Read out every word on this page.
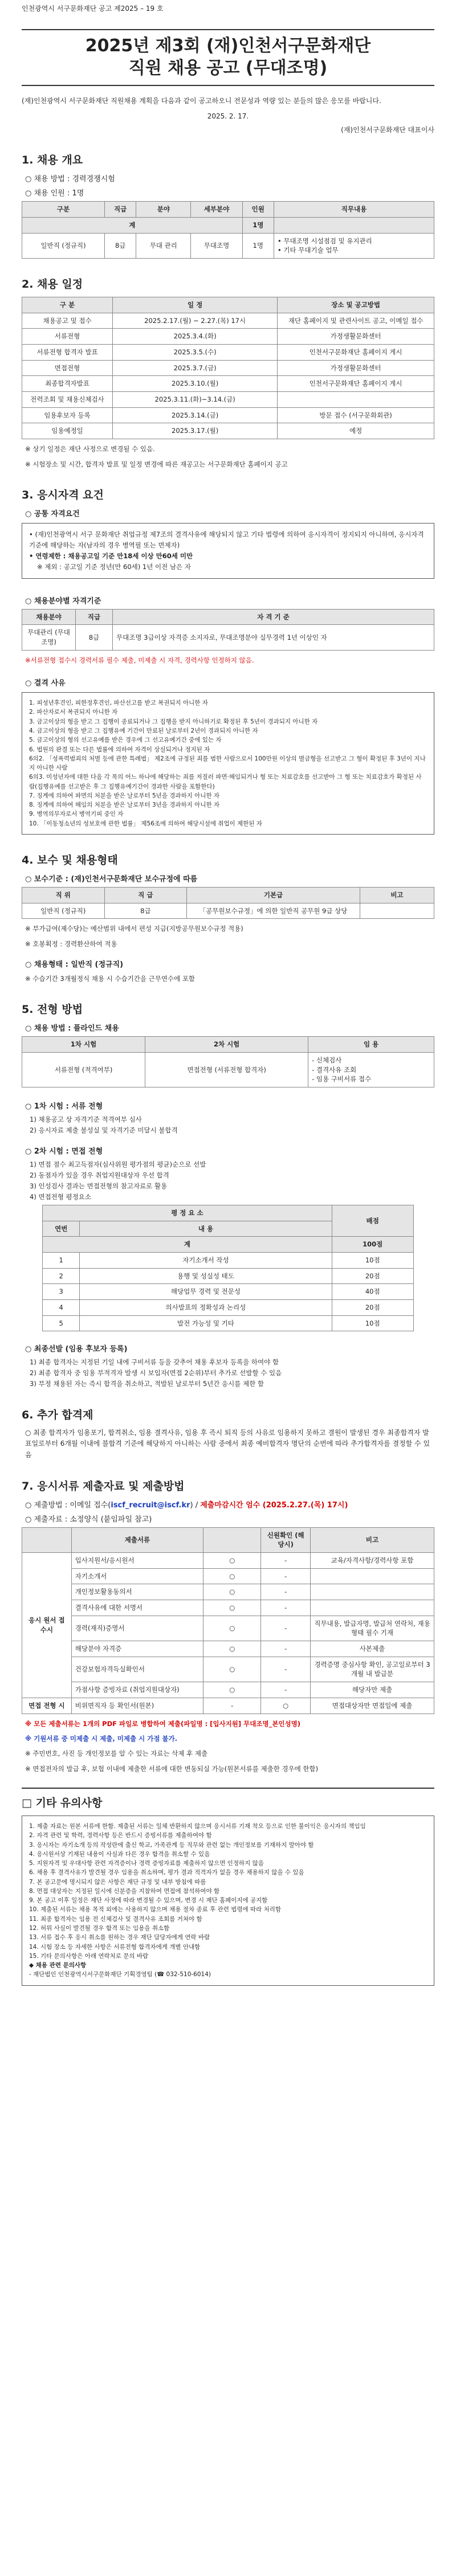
인천광역시 서구문화재단 공고 제2025 – 19 호
2025년 제3회 (재)인천서구문화재단
직원 채용 공고 (무대조명)
(재)인천광역시 서구문화재단 직원채용 계획을 다음과 같이 공고하오니 전문성과 역량 있는 분들의 많은 응모를 바랍니다.
2025. 2. 17.
(재)인천서구문화재단 대표이사
1. 채용 개요
○ 채용 방법 : 경력경쟁시험
○ 채용 인원 : 1명
구분	직급	분야	세부분야	인원	직무내용
계				1명	
일반직 (정규직)	8급	무대 관리	무대조명	1명	• 무대조명 시설점검 및 유지관리
• 기타 무대기술 업무
2. 채용 일정
구 분	일 정	장소 및 공고방법
채용공고 및 접수	2025.2.17.(월) ~ 2.27.(목) 17시	재단 홈페이지 및 관련사이트 공고, 이메일 접수
서류전형	2025.3.4.(화)	가정생활문화센터
서류전형 합격자 발표	2025.3.5.(수)	인천서구문화재단 홈페이지 게시
면접전형	2025.3.7.(금)	가정생활문화센터
최종합격자발표	2025.3.10.(월)	인천서구문화재단 홈페이지 게시
전력조회 및 채용신체검사	2025.3.11.(화)~3.14.(금)	
임용후보자 등록	2025.3.14.(금)	방문 접수 (서구문화회관)
임용예정일	2025.3.17.(월)	예정
※ 상기 일정은 재단 사정으로 변경될 수 있음.
※ 시험장소 및 시간, 합격자 발표 및 일정 변경에 따른 재공고는 서구문화재단 홈페이지 공고
3. 응시자격 요건
○ 공통 자격요건

• (재)인천광역시 서구 문화재단 취업규정 제7조의 결격사유에 해당되지 않고 기타 법령에 의하여 응시자격이 정지되지 아니하며, 응시자격 기준에 해당하는 자(남자의 경우 병역필 또는 면제자)

• 연령제한 : 채용공고일 기준 만18세 이상 만60세 미만

※ 제외 : 공고일 기준 정년(만 60세) 1년 이전 남은 자

○ 채용분야별 자격기준
채용분야	직급	자 격 기 준
무대관리 (무대 조명)	8급	무대조명 3급이상 자격증 소지자로, 무대조명분야 실무경력 1년 이상인 자
※서류전형 접수시 경력서류 필수 제출, 미제출 시 자격, 경력사항 인정하지 않음.
○ 결격 사유

1. 피성년후견인, 피한정후견인, 파산선고를 받고 복권되지 아니한 자

2. 파산자로서 복권되지 아니한 자

3. 금고이상의 형을 받고 그 집행이 종료되거나 그 집행을 받지 아니하기로 확정된 후 5년이 경과되지 아니한 자

4. 금고이상의 형을 받고 그 집행유예 기간이 만료된 날로부터 2년이 경과되지 아니한 자

5. 금고이상의 형의 선고유예를 받은 경우에 그 선고유예기간 중에 있는 자

6. 법원의 판결 또는 다른 법률에 의하여 자격이 상실되거나 정지된 자

6의2. 「성폭력범죄의 처벌 등에 관한 특례법」 제2조에 규정된 죄를 범한 사람으로서 100만원 이상의 벌금형을 선고받고 그 형이 확정된 후 3년이 지나지 아니한 사람

6의3. 미성년자에 대한 다음 각 목의 어느 하나에 해당하는 죄를 저질러 파면·해임되거나 형 또는 치료감호를 선고받아 그 형 또는 치료감호가 확정된 사람(집행유예를 선고받은 후 그 집행유예기간이 경과한 사람을 포함한다)

7. 징계에 의하여 파면의 처분을 받은 날로부터 5년을 경과하지 아니한 자

8. 징계에 의하여 해임의 처분을 받은 날로부터 3년을 경과하지 아니한 자

9. 병역의무자로서 병역기피 중인 자

10. 「이동청소년의 성보호에 관한 법률」 제56조에 의하여 해당시설에 취업이 제한된 자

4. 보수 및 채용형태
○ 보수기준 : (재)인천서구문화재단 보수규정에 따름
직 위	직 급	기본급	비고
일반직 (정규직)	8급	「공무원보수규정」에 의한 일반직 공무원 9급 상당	
※ 부가급여(제수당)는 예산범위 내에서 편성 지급(지방공무원보수규정 적용)
※ 호봉획정 : 경력환산하여 적용
○ 채용형태 : 일반직 (정규직)
※ 수습기간 3개월정식 채용 시 수습기간을 근무연수에 포함
5. 전형 방법
○ 채용 방법 : 플라인드 채용
1차 시험	2차 시험	임 용
서류전형 (적격여부)	면접전형 (서류전형 합격자)	- 신체검사
- 결격사유 조회
- 임용 구비서류 접수
○ 1차 시험 : 서류 전형
1) 채용공고 상 자격기준 적격여부 심사
2) 응시자료 제출 불성실 및 자격기준 미달시 불합격
○ 2차 시험 : 면접 전형
1) 면접 점수 최고득점자(심사위원 평가점의 평균)순으로 선발
2) 동점자가 있을 경우 취업지원대상자 우선 합격
3) 인성검사 결과는 면접전형의 참고자료로 활용
4) 면접전형 평정요소
평 정 요 소		배점
연번	내 용	
계		100점
1	자기소개서 작성	10점
2	용행 및 성실성 태도	20점
3	해당업무 경력 및 전문성	40점
4	의사발표의 정확성과 논리성	20점
5	발전 가능성 및 기타	10점
○ 최종선발 (임용 후보자 등록)
1) 최종 합격자는 지정된 기일 내에 구비서류 등을 갖추어 채용 후보자 등록을 하여야 함
2) 최종 합격자 중 임용 부적격자 발생 시 보입자(면접 2순위)부터 추가로 선발할 수 있음
3) 부정 채용된 자는 즉시 합격을 취소하고, 적발된 날로부터 5년간 응시를 제한 함
6. 추가 합격제
○ 최종 합격자가 임용포기, 합격취소, 임용 결격사유, 임용 후 즉시 퇴직 등의 사유로 임용하지 못하고 결원이 발생된 경우 최종합격자 발표일로부터 6개월 이내에 불합격 기준에 해당하지 아니하는 사람 중에서 최종 예비합격자 명단의 순번에 따라 추가합격자를 결정할 수 있음
7. 응시서류 제출자료 및 제출방법
○ 제출방법 : 이메일 접수(iscf_recruit@iscf.kr) / 제출마감시간 엄수 (2025.2.27.(목) 17시)
○ 제출자료 : 소정양식 (붙임파일 참고)
	제출서류		신원확인 (해당시)	비고
응시 원서 접수시	입사지원서/응시원서	○	-	교육/자격사항/경력사항 포함
	자기소개서	○	-	
	개인정보활용동의서	○	-	
	결격사유에 대한 서명서	○	-	
	경력(재직)증명서	○	-	직무내용, 발급자명, 발급처 연락처, 재용형태 필수 기재
	해당분야 자격증	○	-	사본제출
	건강보험자격득실확인서	○	-	경력증명 중심사항 확인, 공고일로부터 3개월 내 발급분
	가점사항 증빙자료 (취업지원대상자)	○	-	해당자만 제출
면접 전형 시	비위면직자 등 확인서(원본)	-	○	면접대상자만 면접일에 제출
※ 모든 제출서류는 1개의 PDF 파일로 병합하여 제출(파일명 : [입사지원] 무대조명_본인성명)
※ 기원서류 중 미제출 시 제출, 미제출 시 가점 불가.
※ 주민번호, 사진 등 개인정보를 알 수 있는 자료는 삭제 후 제출
※ 면접전자의 발급 후, 보험 이내에 제출한 서류에 대한 변동되실 가능(원본서류를 제출한 경우에 한함)
□ 기타 유의사항

1. 제출 자료는 원본 서류에 한함. 제출된 서류는 일체 반환하지 않으며 응시서류 기재 착오 등으로 인한 불이익은 응시자의 책임임

2. 자격 관련 및 학력, 경력사항 등은 반드시 증빙서류를 제출하여야 함

3. 응시자는 자기소개 등의 작성란에 출신 학교, 가족관계 등 직무와 관련 없는 개인정보를 기재하지 말아야 함

4. 응시원서상 기재된 내용이 사실과 다른 경우 합격을 취소할 수 있음

5. 지원자격 및 우대사항 관련 자격증이나 경력 증빙자료를 제출하지 않으면 인정하지 않음

6. 채용 후 결격사유가 발견될 경우 임용을 취소하며, 평가 결과 적격자가 없을 경우 채용하지 않을 수 있음

7. 본 공고문에 명시되지 않은 사항은 재단 규정 및 내부 방침에 따름

8. 면접 대상자는 지정된 일시에 신분증을 지참하여 면접에 참석하여야 함

9. 본 공고 이후 일정은 재단 사정에 따라 변경될 수 있으며, 변경 시 재단 홈페이지에 공지함

10. 제출된 서류는 채용 목적 외에는 사용하지 않으며 채용 절차 종료 후 관련 법령에 따라 처리함

11. 최종 합격자는 임용 전 신체검사 및 결격사유 조회를 거쳐야 함

12. 허위 사실이 발견될 경우 합격 또는 임용을 취소함

13. 서류 접수 후 응시 취소를 원하는 경우 재단 담당자에게 연락 바람

14. 시험 장소 등 자세한 사항은 서류전형 합격자에게 개별 안내함

15. 기타 문의사항은 아래 연락처로 문의 바람

◆ 채용 관련 문의사항

- 재단법인 인천광역시서구문화재단 기획경영팀 (☎ 032-510-6014)
